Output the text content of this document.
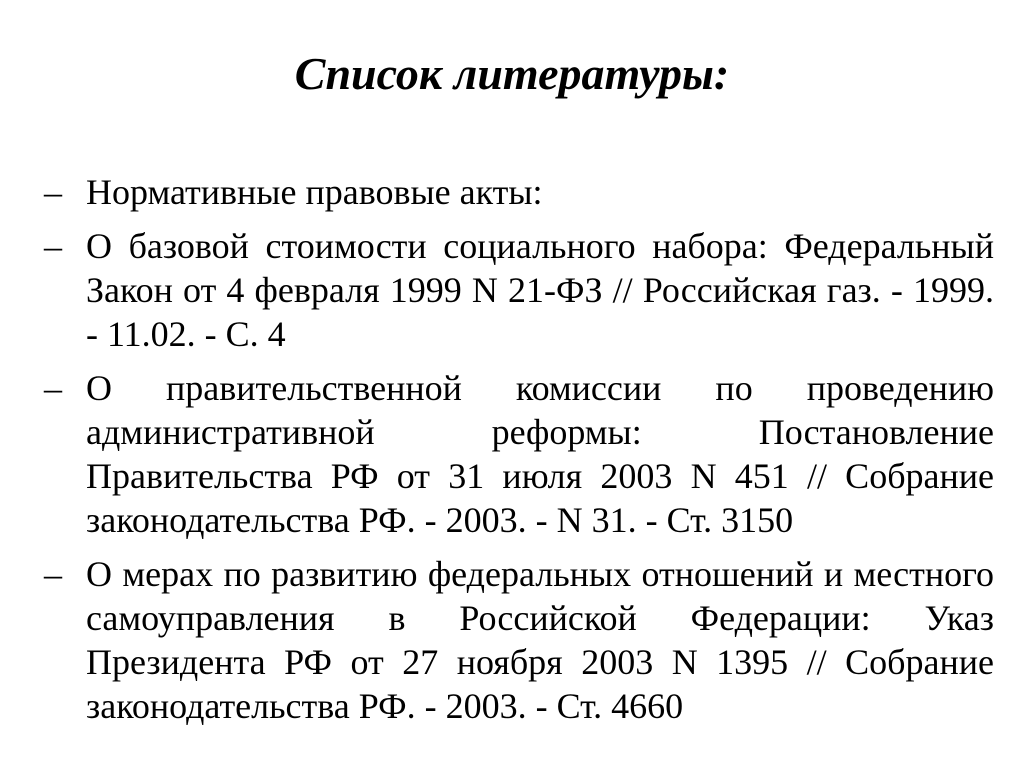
Список литературы:
– Нормативные правовые акты:
– О базовой стоимости социального набора: Федеральный Закон от 4 февраля 1999 N 21-ФЗ // Российская газ. - 1999. - 11.02. - С. 4
– О правительственной комиссии по проведению административной реформы: Постановление Правительства РФ от 31 июля 2003 N 451 // Собрание законодательства РФ. - 2003. - N 31. - Ст. 3150
– О мерах по развитию федеральных отношений и местного самоуправления в Российской Федерации: Указ Президента РФ от 27 ноября 2003 N 1395 // Собрание законодательства РФ. - 2003. - Ст. 4660
